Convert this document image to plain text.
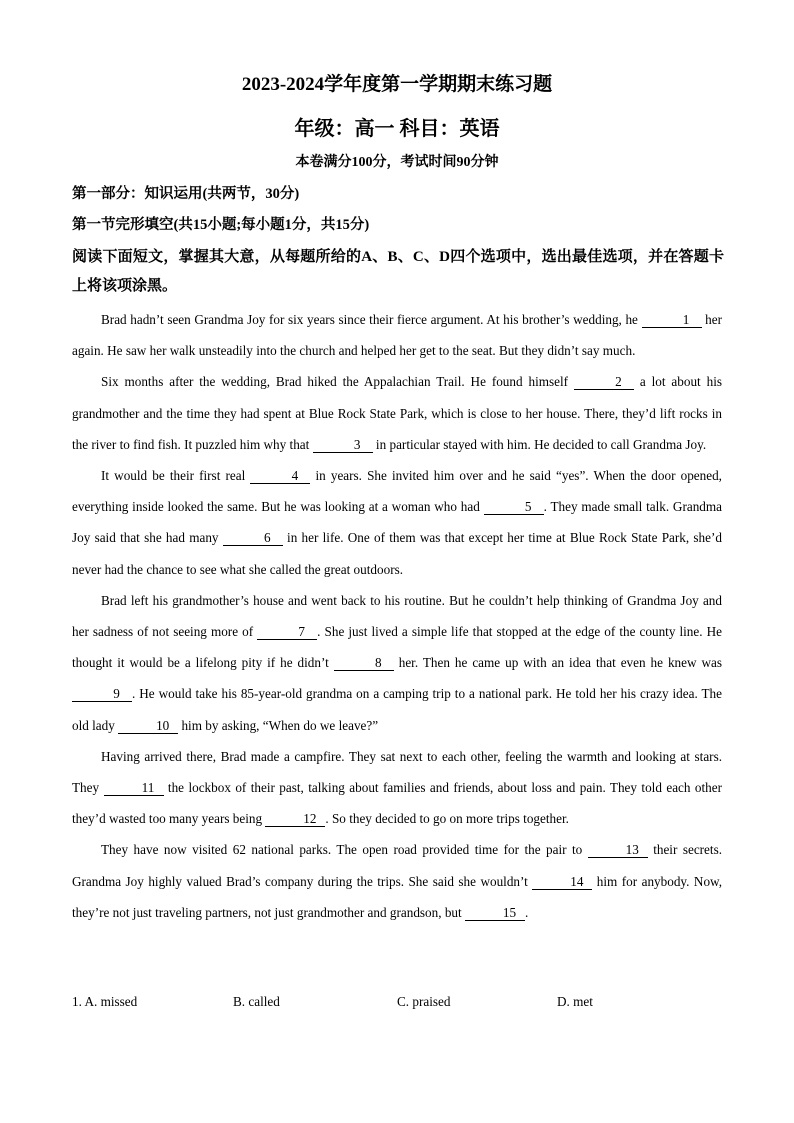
2023-2024学年度第一学期期末练习题
年级：高一 科目：英语
本卷满分100分，考试时间90分钟
第一部分：知识运用(共两节，30分)
第一节完形填空(共15小题;每小题1分，共15分)
阅读下面短文，掌握其大意，从每题所给的A、B、C、D四个选项中，选出最佳选项，并在答题卡上将该项涂黑。

Brad hadn’t seen Grandma Joy for six years since their fierce argument. At his brother’s wedding, he	1 her again. He saw her walk unsteadily into the church and helped her get to the seat. But they didn’t say much.

Six months after the wedding, Brad hiked the Appalachian Trail. He found himself	2 a lot about his grandmother and the time they had spent at Blue Rock State Park, which is close to her house. There, they’d lift rocks in the river to find fish. It puzzled him why that	3 in particular stayed with him. He decided to call Grandma Joy.

It would be their first real	4 in years. She invited him over and he said “yes”. When the door opened, everything inside looked the same. But he was looking at a woman who had	5 . They made small talk. Grandma Joy said that she had many	6 in her life. One of them was that except her time at Blue Rock State Park, she’d never had the chance to see what she called the great outdoors.

Brad left his grandmother’s house and went back to his routine. But he couldn’t help thinking of Grandma Joy and her sadness of not seeing more of	7 . She just lived a simple life that stopped at the edge of the county line. He thought it would be a lifelong pity if he didn’t	8 her. Then he came up with an idea that even he knew was 9 . He would take his 85-year-old grandma on a camping trip to a national park. He told her his crazy idea. The old lady	10 him by asking, “When do we leave?”

Having arrived there, Brad made a campfire. They sat next to each other, feeling the warmth and looking at stars. They	11 the lockbox of their past, talking about families and friends, about loss and pain. They told each other they’d wasted too many years being	12 . So they decided to go on more trips together.

They have now visited 62 national parks. The open road provided time for the pair to	13 their secrets. Grandma Joy highly valued Brad’s company during the trips. She said she wouldn’t	14 him for anybody. Now, they’re not just traveling partners, not just grandmother and grandson, but	15 .

1. A. missed	B. called	C. praised	D. met
